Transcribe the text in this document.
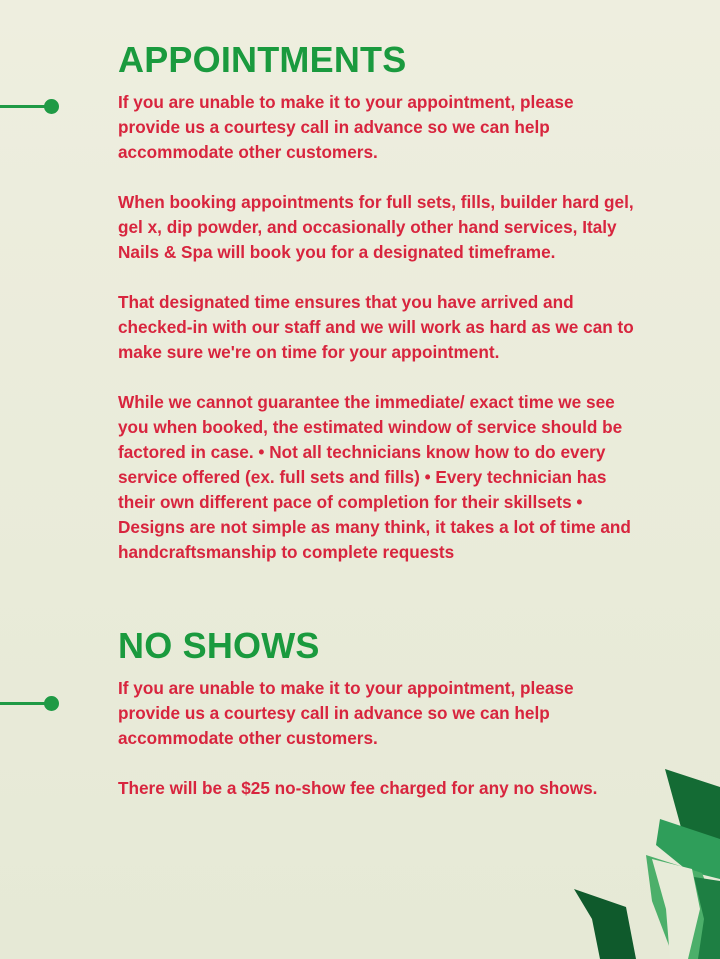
APPOINTMENTS

If you are unable to make it to your appointment, please provide us a courtesy call in advance so we can help accommodate other customers.

When booking appointments for full sets, fills, builder hard gel, gel x, dip powder, and occasionally other hand services, Italy Nails & Spa will book you for a designated timeframe.

That designated time ensures that you have arrived and checked-in with our staff and we will work as hard as we can to make sure we're on time for your appointment.

While we cannot guarantee the immediate/ exact time we see you when booked, the estimated window of service should be factored in case. • Not all technicians know how to do every service offered (ex. full sets and fills) • Every technician has their own different pace of completion for their skillsets • Designs are not simple as many think, it takes a lot of time and handcraftsmanship to complete requests

NO SHOWS

If you are unable to make it to your appointment, please provide us a courtesy call in advance so we can help accommodate other customers.

There will be a $25 no-show fee charged for any no shows.
